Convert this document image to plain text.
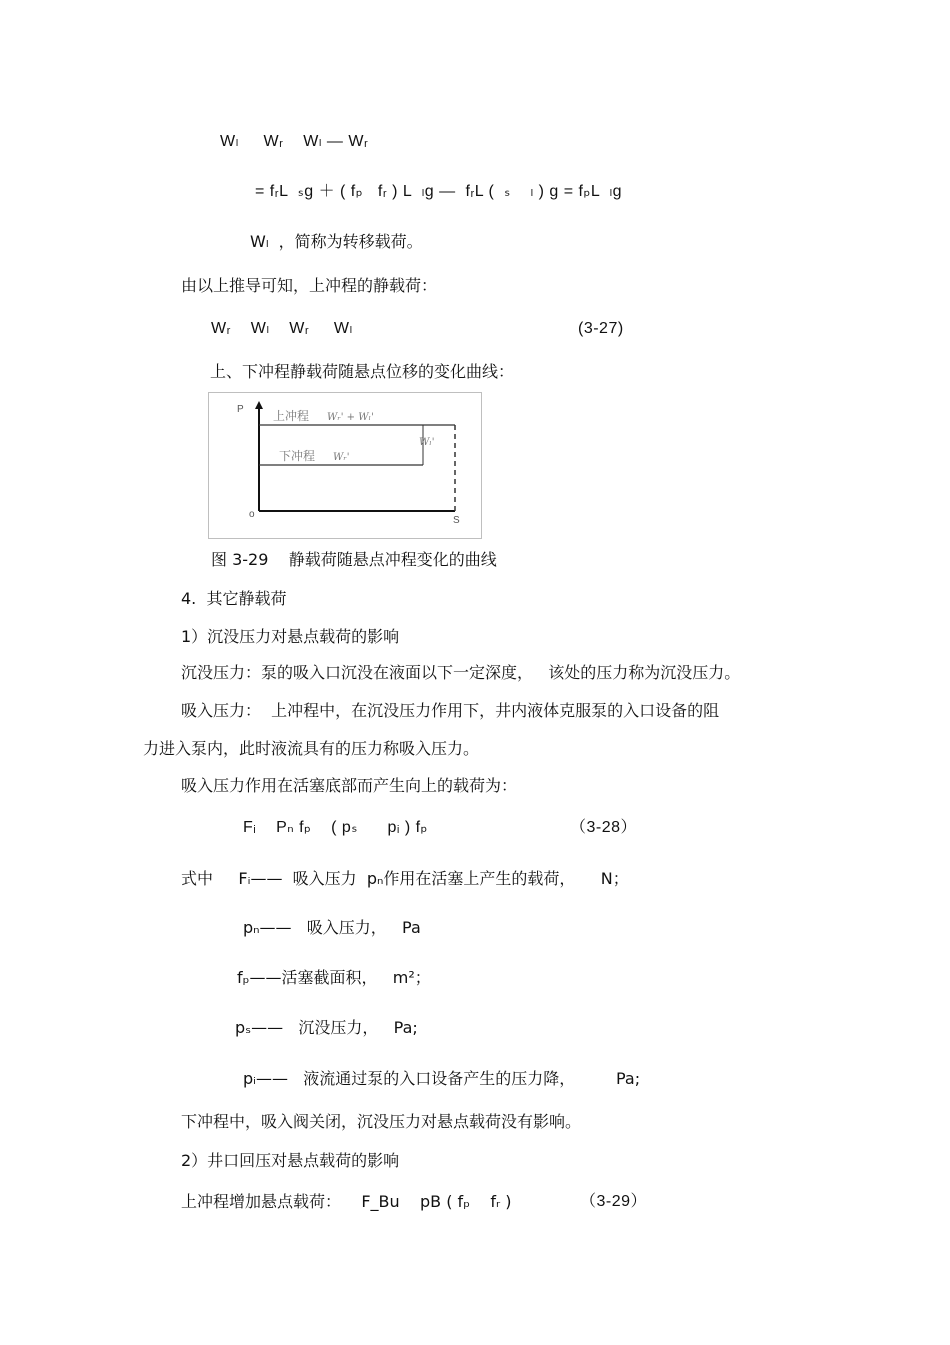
Wₗ     Wᵣ    Wₗ — Wᵣ
= fᵣL  ₛg ＋ ( fₚ   fᵣ ) L  ₗg —  fᵣL (  ₛ    ₗ ) g = fₚL  ₗg
Wₗ  ，简称为转移载荷。
由以上推导可知，上冲程的静载荷：
Wᵣ    Wₗ    Wᵣ     Wₗ	(3-27)
上、下冲程静载荷随悬点位移的变化曲线：
P
o
S
上冲程 Wᵣ' + Wₗ'
下冲程 Wᵣ'
Wₗ'
图 3-29    静载荷随悬点冲程变化的曲线
4.  其它静载荷
1）沉没压力对悬点载荷的影响
沉没压力：泵的吸入口沉没在液面以下一定深度，   该处的压力称为沉没压力。
吸入压力：  上冲程中，在沉没压力作用下，井内液体克服泵的入口设备的阻
力进入泵内，此时液流具有的压力称吸入压力。
吸入压力作用在活塞底部而产生向上的载荷为：
Fᵢ    Pₙ fₚ    ( pₛ      pᵢ ) fₚ	（3-28）
式中     Fᵢ——  吸入压力  pₙ作用在活塞上产生的载荷，     N；
pₙ——   吸入压力，   Pa
fₚ——活塞截面积，   m²；
pₛ——   沉没压力，   Pa;
pᵢ——   液流通过泵的入口设备产生的压力降，        Pa;
下冲程中，吸入阀关闭，沉没压力对悬点载荷没有影响。
2）井口回压对悬点载荷的影响
上冲程增加悬点载荷：    F_Bu    pB ( fₚ    fᵣ )	（3-29）
